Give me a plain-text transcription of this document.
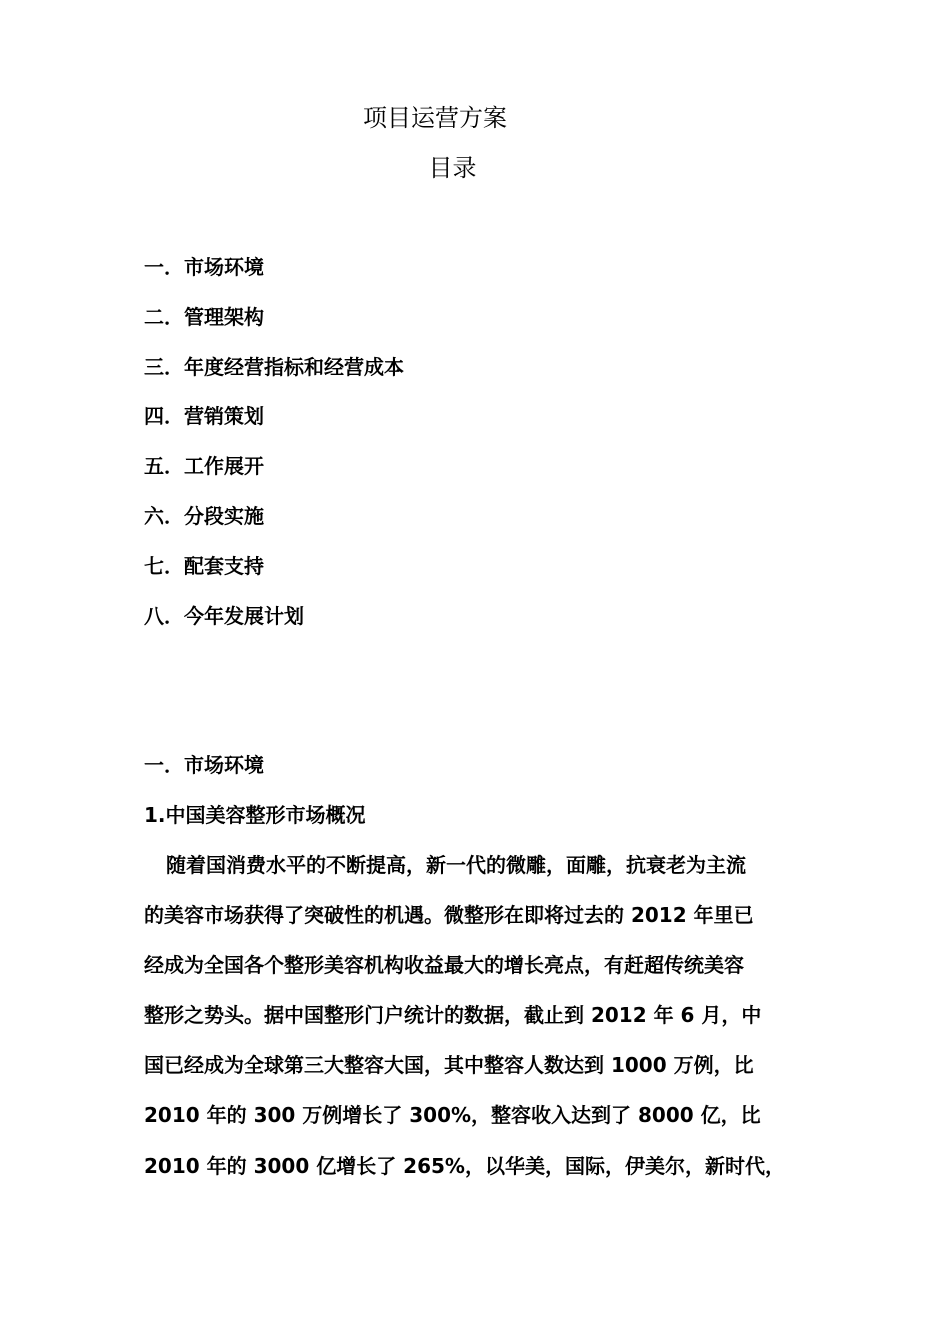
项目运营方案
目录
一．市场环境
二．管理架构
三．年度经营指标和经营成本
四．营销策划
五．工作展开
六．分段实施
七．配套支持
八．今年发展计划
一．市场环境
1.中国美容整形市场概况
随着国消费水平的不断提高，新一代的微雕，面雕，抗衰老为主流
的美容市场获得了突破性的机遇。微整形在即将过去的 2012 年里已
经成为全国各个整形美容机构收益最大的增长亮点，有赶超传统美容
整形之势头。据中国整形门户统计的数据，截止到 2012 年 6 月，中
国已经成为全球第三大整容大国，其中整容人数达到 1000 万例，比
2010 年的 300 万例增长了 300%，整容收入达到了 8000 亿，比
2010 年的 3000 亿增长了 265%，以华美，国际，伊美尔，新时代，
